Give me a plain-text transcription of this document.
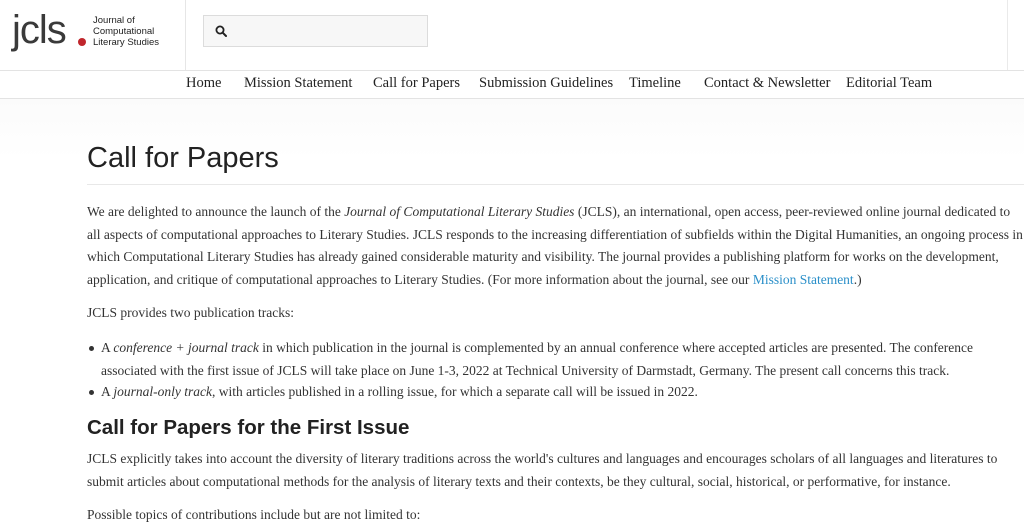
jcls	Journal of
Computational
Literary Studies
Home Mission Statement Call for Papers Submission Guidelines Timeline Contact & Newsletter Editorial Team
Call for Papers

We are delighted to announce the launch of the Journal of Computational Literary Studies (JCLS), an international, open access, peer-reviewed online journal dedicated to all aspects of computational approaches to Literary Studies. JCLS responds to the increasing differentiation of subfields within the Digital Humanities, an ongoing process in which Computational Literary Studies has already gained considerable maturity and visibility. The journal provides a publishing platform for works on the development, application, and critique of computational approaches to Literary Studies. (For more information about the journal, see our Mission Statement.)

JCLS provides two publication tracks:

A conference + journal track in which publication in the journal is complemented by an annual conference where accepted articles are presented. The conference associated with the first issue of JCLS will take place on June 1-3, 2022 at Technical University of Darmstadt, Germany. The present call concerns this track.
A journal-only track, with articles published in a rolling issue, for which a separate call will be issued in 2022.
Call for Papers for the First Issue

JCLS explicitly takes into account the diversity of literary traditions across the world's cultures and languages and encourages scholars of all languages and literatures to submit articles about computational methods for the analysis of literary texts and their contexts, be they cultural, social, historical, or performative, for instance.

Possible topics of contributions include but are not limited to:
